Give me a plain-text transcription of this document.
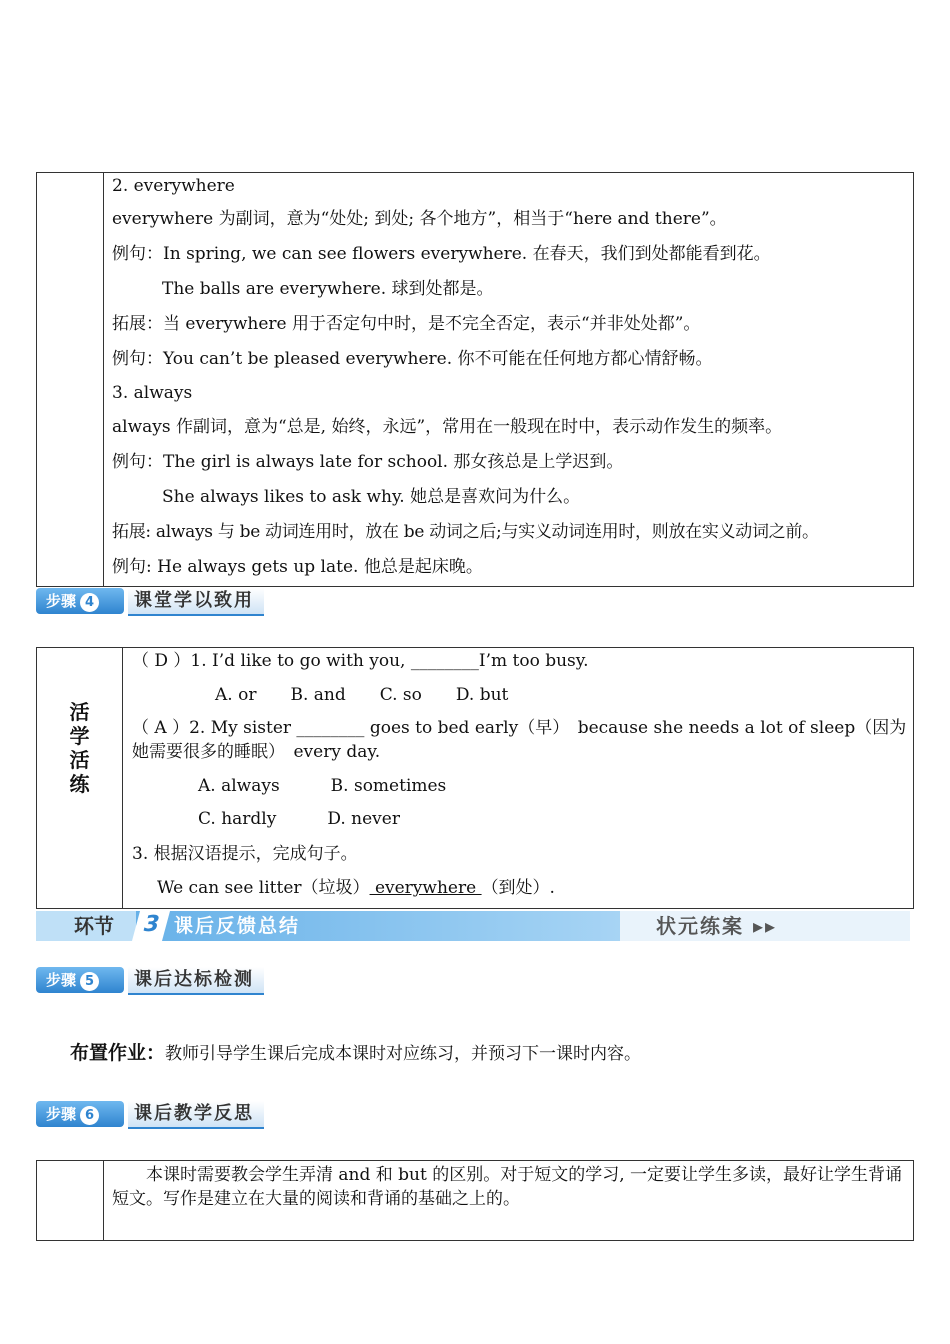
2. everywhere
everywhere 为副词，意为“处处; 到处; 各个地方”，相当于“here and there”。
例句：In spring, we can see flowers everywhere. 在春天，我们到处都能看到花。
The balls are everywhere. 球到处都是。
拓展：当 everywhere 用于否定句中时，是不完全否定，表示“并非处处都”。
例句：You can’t be pleased everywhere. 你不可能在任何地方都心情舒畅。
3. always
always 作副词，意为“总是, 始终，永远”，常用在一般现在时中，表示动作发生的频率。
例句：The girl is always late for school. 那女孩总是上学迟到。
She always likes to ask why. 她总是喜欢问为什么。
拓展: always 与 be 动词连用时，放在 be 动词之后;与实义动词连用时，则放在实义动词之前。
例句: He always gets up late. 他总是起床晚。
步骤 4	课堂学以致用
活
学
活
练
（ D ）1. I’d like to go with you, ________I’m too busy.
A. or　　B. and　　C. so　　D. but
（ A ）2. My sister ________ goes to bed early（早）　because she needs a lot of sleep（因为她需要很多的睡眠）　every day.
A. always　　　B. sometimes
C. hardly　　　D. never
3. 根据汉语提示，完成句子。
We can see litter（垃圾） everywhere （到处）.
环节	3 课后反馈总结	状元练案 ▸▸
步骤 5	课后达标检测
布置作业：教师引导学生课后完成本课时对应练习，并预习下一课时内容。
步骤 6	课后教学反思
本课时需要教会学生弄清 and 和 but 的区别。对于短文的学习, 一定要让学生多读，最好让学生背诵短文。写作是建立在大量的阅读和背诵的基础之上的。
